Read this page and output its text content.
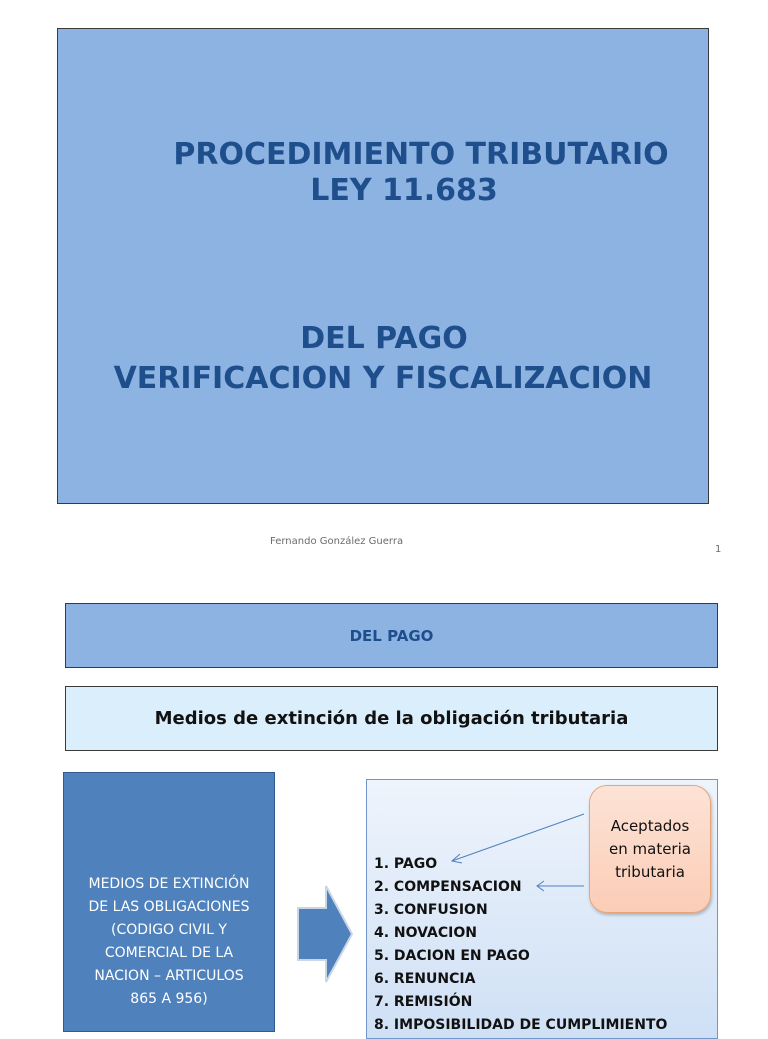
PROCEDIMIENTO TRIBUTARIO
LEY 11.683
DEL PAGO
VERIFICACION Y FISCALIZACION
Fernando González Guerra
1
DEL PAGO
Medios de extinción de la obligación tributaria
MEDIOS DE EXTINCIÓN
DE LAS OBLIGACIONES
(CODIGO CIVIL Y
COMERCIAL DE LA
NACION – ARTICULOS
865 A 956)
1. PAGO
2. COMPENSACION
3. CONFUSION
4. NOVACION
5. DACION EN PAGO
6. RENUNCIA
7. REMISIÓN
8. IMPOSIBILIDAD DE CUMPLIMIENTO
Aceptados
en materia
tributaria
